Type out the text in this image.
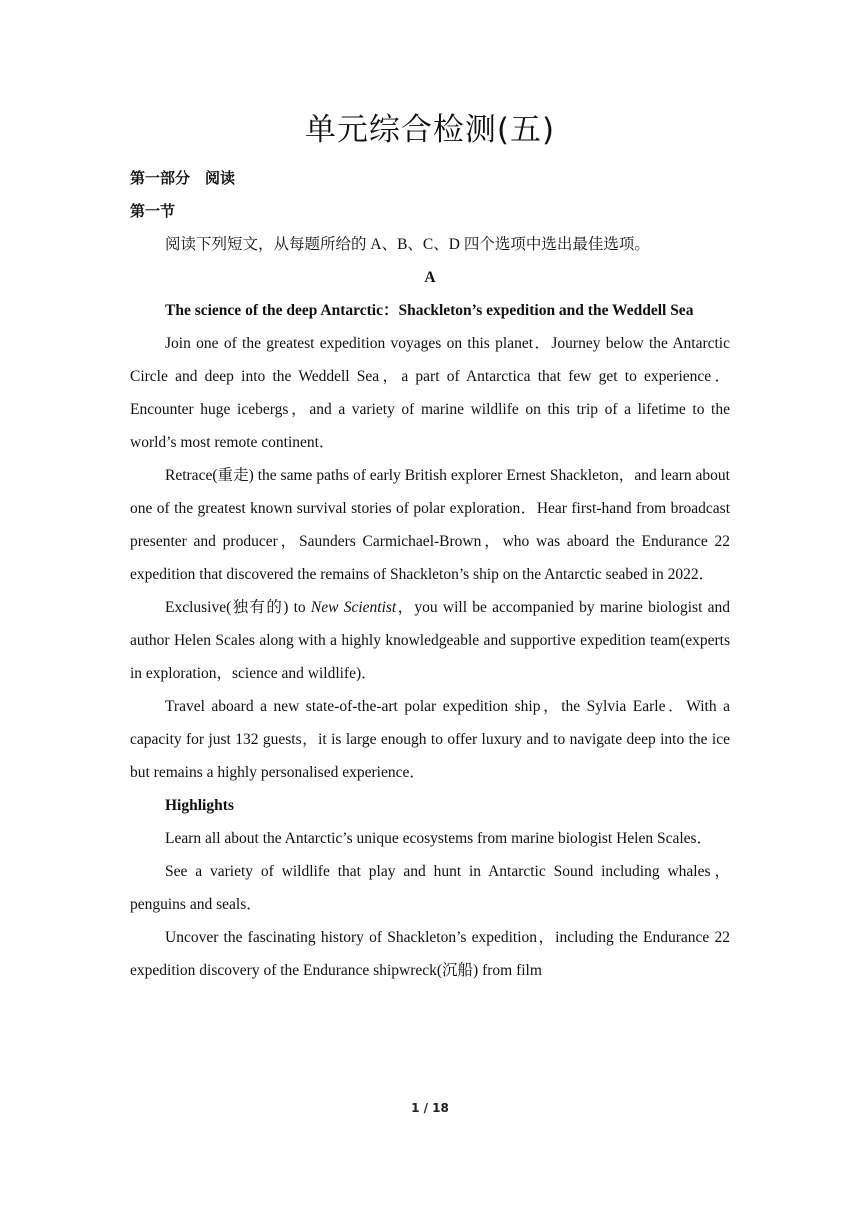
单元综合检测(五)
第一部分　阅读
第一节

阅读下列短文，从每题所给的 A、B、C、D 四个选项中选出最佳选项。

A

The science of the deep Antarctic：Shackleton’s expedition and the Weddell Sea

Join one of the greatest expedition voyages on this planet．Journey below the Antarctic Circle and deep into the Weddell Sea，a part of Antarctica that few get to experience．Encounter huge icebergs，and a variety of marine wildlife on this trip of a lifetime to the world’s most remote continent．

Retrace(重走) the same paths of early British explorer Ernest Shackleton，and learn about one of the greatest known survival stories of polar exploration．Hear first-hand from broadcast presenter and producer，Saunders Carmichael-Brown，who was aboard the Endurance 22 expedition that discovered the remains of Shackleton’s ship on the Antarctic seabed in 2022．

Exclusive(独有的) to New Scientist，you will be accompanied by marine biologist and author Helen Scales along with a highly knowledgeable and supportive expedition team(experts in exploration，science and wildlife)．

Travel aboard a new state-of-the-art polar expedition ship，the Sylvia Earle．With a capacity for just 132 guests，it is large enough to offer luxury and to navigate deep into the ice but remains a highly personalised experience．

Highlights

Learn all about the Antarctic’s unique ecosystems from marine biologist Helen Scales．

See a variety of wildlife that play and hunt in Antarctic Sound including whales，penguins and seals．

Uncover the fascinating history of Shackleton’s expedition，including the Endurance 22 expedition discovery of the Endurance shipwreck(沉船) from film

1 / 18
